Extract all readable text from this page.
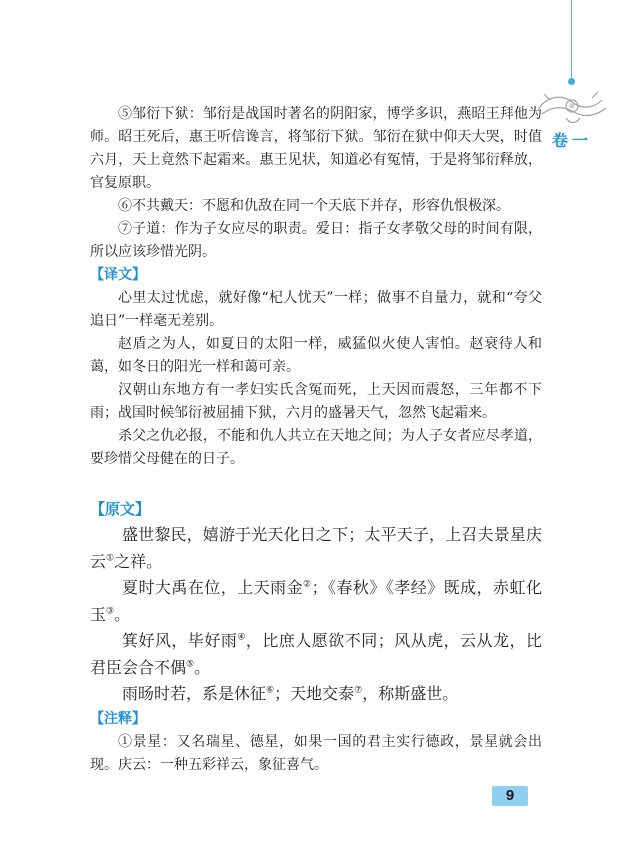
卷一

⑤邹衍下狱：邹衍是战国时著名的阴阳家，博学多识，燕昭王拜他为师。昭王死后，惠王听信谗言，将邹衍下狱。邹衍在狱中仰天大哭，时值六月，天上竟然下起霜来。惠王见状，知道必有冤情，于是将邹衍释放，官复原职。

⑥不共戴天：不愿和仇敌在同一个天底下并存，形容仇恨极深。

⑦子道：作为子女应尽的职责。爱日：指子女孝敬父母的时间有限，所以应该珍惜光阴。

【译文】

心里太过忧虑，就好像“杞人忧天”一样；做事不自量力，就和“夸父追日”一样毫无差别。

赵盾之为人，如夏日的太阳一样，威猛似火使人害怕。赵衰待人和蔼，如冬日的阳光一样和蔼可亲。

汉朝山东地方有一孝妇实氏含冤而死，上天因而震怒，三年都不下雨；战国时候邹衍被屈捕下狱，六月的盛暑天气，忽然飞起霜来。

杀父之仇必报，不能和仇人共立在天地之间；为人子女者应尽孝道，要珍惜父母健在的日子。

【原文】

盛世黎民，嬉游于光天化日之下；太平天子，上召夫景星庆云①之祥。

夏时大禹在位，上天雨金②；《春秋》《孝经》既成，赤虹化玉③。

箕好风，毕好雨④，比庶人愿欲不同；风从虎，云从龙，比君臣会合不偶⑤。

雨旸时若，系是休征⑥；天地交泰⑦，称斯盛世。

【注释】

①景星：又名瑞星、德星，如果一国的君主实行德政，景星就会出现。庆云：一种五彩祥云，象征喜气。

9
